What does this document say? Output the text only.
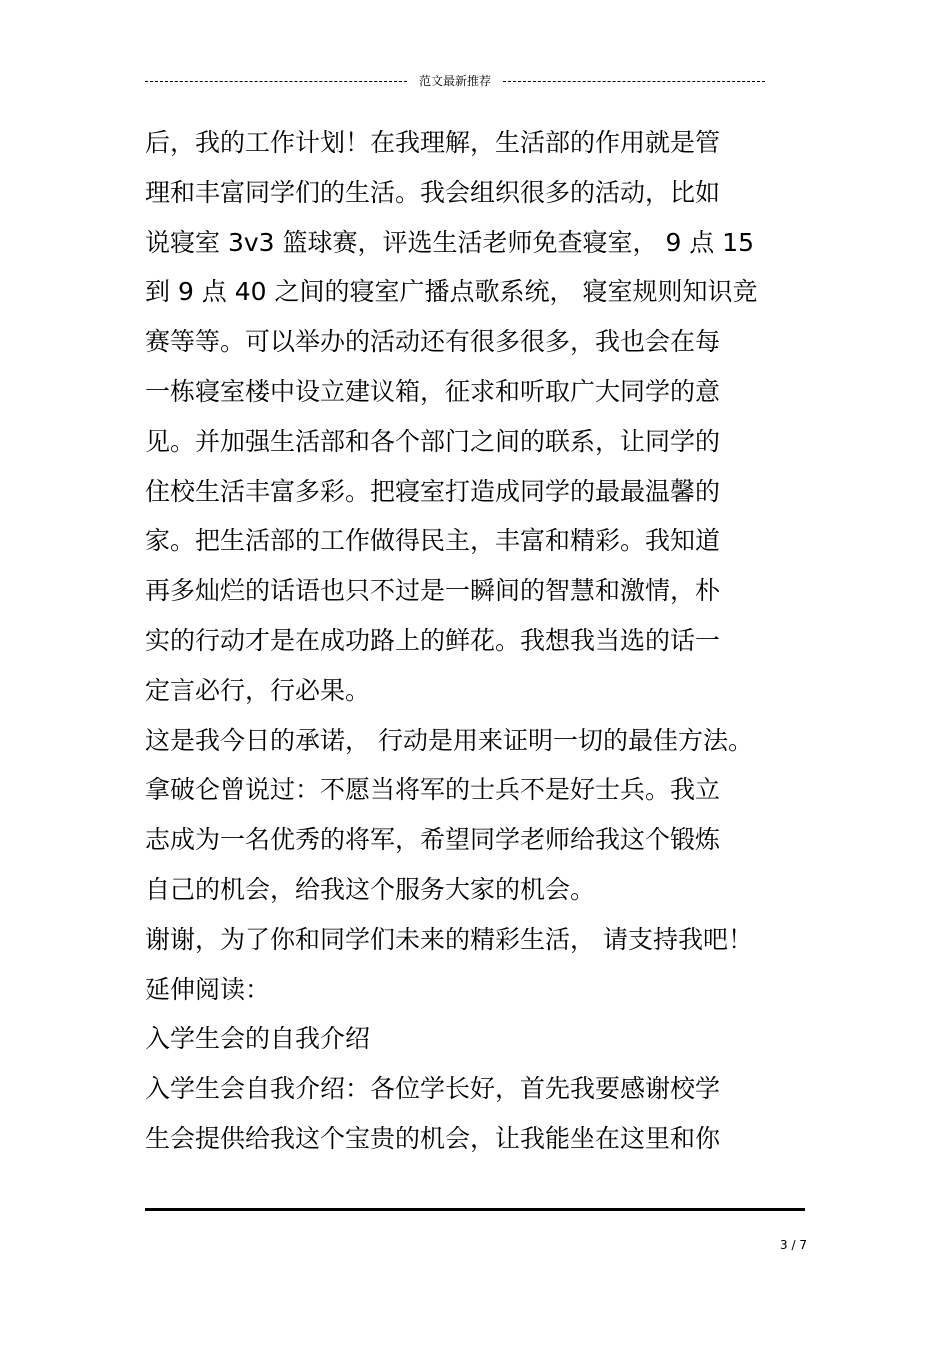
范文最新推荐
后，我的工作计划！在我理解，生活部的作用就是管
理和丰富同学们的生活。我会组织很多的活动，比如
说寝室 3v3 篮球赛，评选生活老师免查寝室， 9 点 15
到 9 点 40 之间的寝室广播点歌系统， 寝室规则知识竞
赛等等。可以举办的活动还有很多很多，我也会在每
一栋寝室楼中设立建议箱，征求和听取广大同学的意
见。并加强生活部和各个部门之间的联系，让同学的
住校生活丰富多彩。把寝室打造成同学的最最温馨的
家。把生活部的工作做得民主，丰富和精彩。我知道
再多灿烂的话语也只不过是一瞬间的智慧和激情，朴
实的行动才是在成功路上的鲜花。我想我当选的话一
定言必行，行必果。
这是我今日的承诺， 行动是用来证明一切的最佳方法。
拿破仑曾说过：不愿当将军的士兵不是好士兵。我立
志成为一名优秀的将军，希望同学老师给我这个锻炼
自己的机会，给我这个服务大家的机会。
谢谢，为了你和同学们未来的精彩生活， 请支持我吧！
延伸阅读：
入学生会的自我介绍
入学生会自我介绍：各位学长好，首先我要感谢校学
生会提供给我这个宝贵的机会，让我能坐在这里和你
3 / 7
